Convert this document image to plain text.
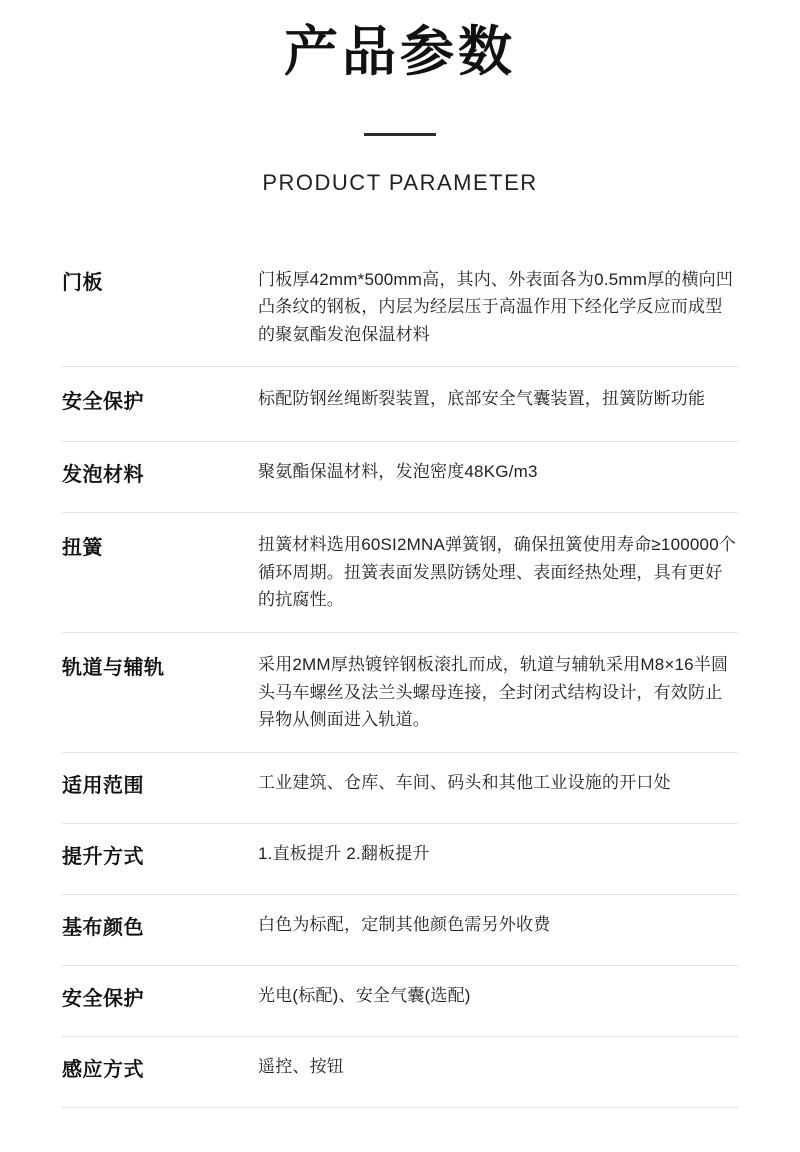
产品参数

PRODUCT PARAMETER

门板	门板厚42mm*500mm高，其内、外表面各为0.5mm厚的横向凹凸条纹的钢板，内层为经层压于高温作用下经化学反应而成型的聚氨酯发泡保温材料
安全保护	标配防钢丝绳断裂装置，底部安全气囊装置，扭簧防断功能
发泡材料	聚氨酯保温材料，发泡密度48KG/m3
扭簧	扭簧材料选用60SI2MNA弹簧钢，确保扭簧使用寿命≥100000个循环周期。扭簧表面发黑防锈处理、表面经热处理，具有更好的抗腐性。
轨道与辅轨	采用2MM厚热镀锌钢板滚扎而成，轨道与辅轨采用M8×16半圆头马车螺丝及法兰头螺母连接，全封闭式结构设计，有效防止异物从侧面进入轨道。
适用范围	工业建筑、仓库、车间、码头和其他工业设施的开口处
提升方式	1.直板提升 2.翻板提升
基布颜色	白色为标配，定制其他颜色需另外收费
安全保护	光电(标配)、安全气囊(选配)
感应方式	遥控、按钮
